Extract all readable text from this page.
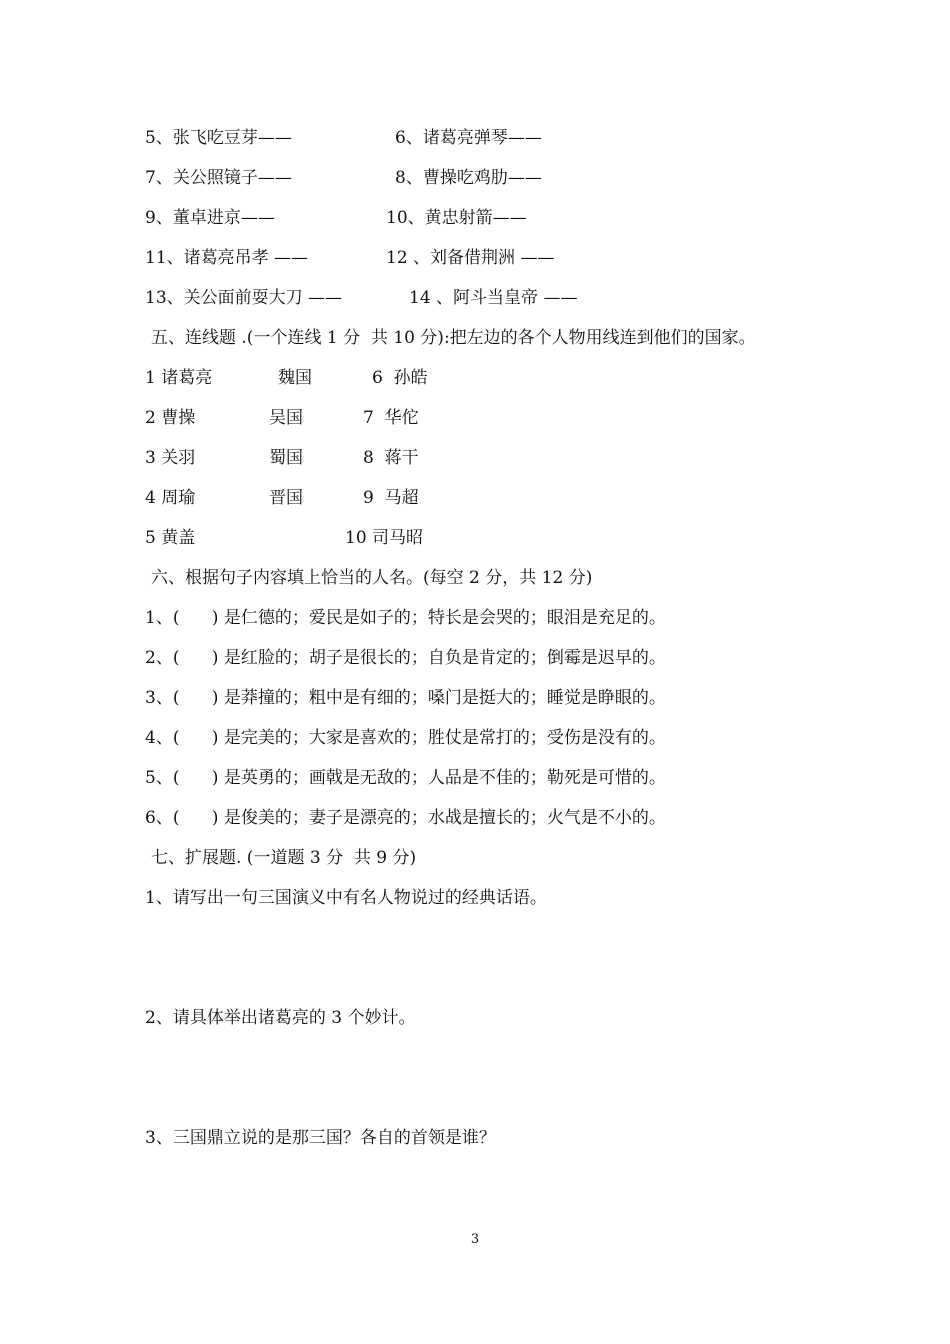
5、张飞吃豆芽——	6、诸葛亮弹琴——
7、关公照镜子——	8、曹操吃鸡肋——
9、董卓进京——	10、黄忠射箭——
11、诸葛亮吊孝 ——	12 、刘备借荆洲 ——
13、关公面前耍大刀 ——	14 、阿斗当皇帝 ——
五、连线题 .(一个连线 1 分  共 10 分):把左边的各个人物用线连到他们的国家。
1 诸葛亮	魏国	6  孙皓
2 曹操	吴国	7  华佗
3 关羽	蜀国	8  蒋干
4 周瑜	晋国	9  马超
5 黄盖	10 司马昭
六、根据句子内容填上恰当的人名。(每空 2 分，共 12 分)
1、(      ) 是仁德的；爱民是如子的；特长是会哭的；眼泪是充足的。
2、(      ) 是红脸的；胡子是很长的；自负是肯定的；倒霉是迟早的。
3、(      ) 是莽撞的；粗中是有细的；嗓门是挺大的；睡觉是睁眼的。
4、(      ) 是完美的；大家是喜欢的；胜仗是常打的；受伤是没有的。
5、(      ) 是英勇的；画戟是无敌的；人品是不佳的；勒死是可惜的。
6、(      ) 是俊美的；妻子是漂亮的；水战是擅长的；火气是不小的。
七、扩展题. (一道题 3 分  共 9 分)
1、请写出一句三国演义中有名人物说过的经典话语。
2、请具体举出诸葛亮的 3 个妙计。
3、三国鼎立说的是那三国？各自的首领是谁？
3
